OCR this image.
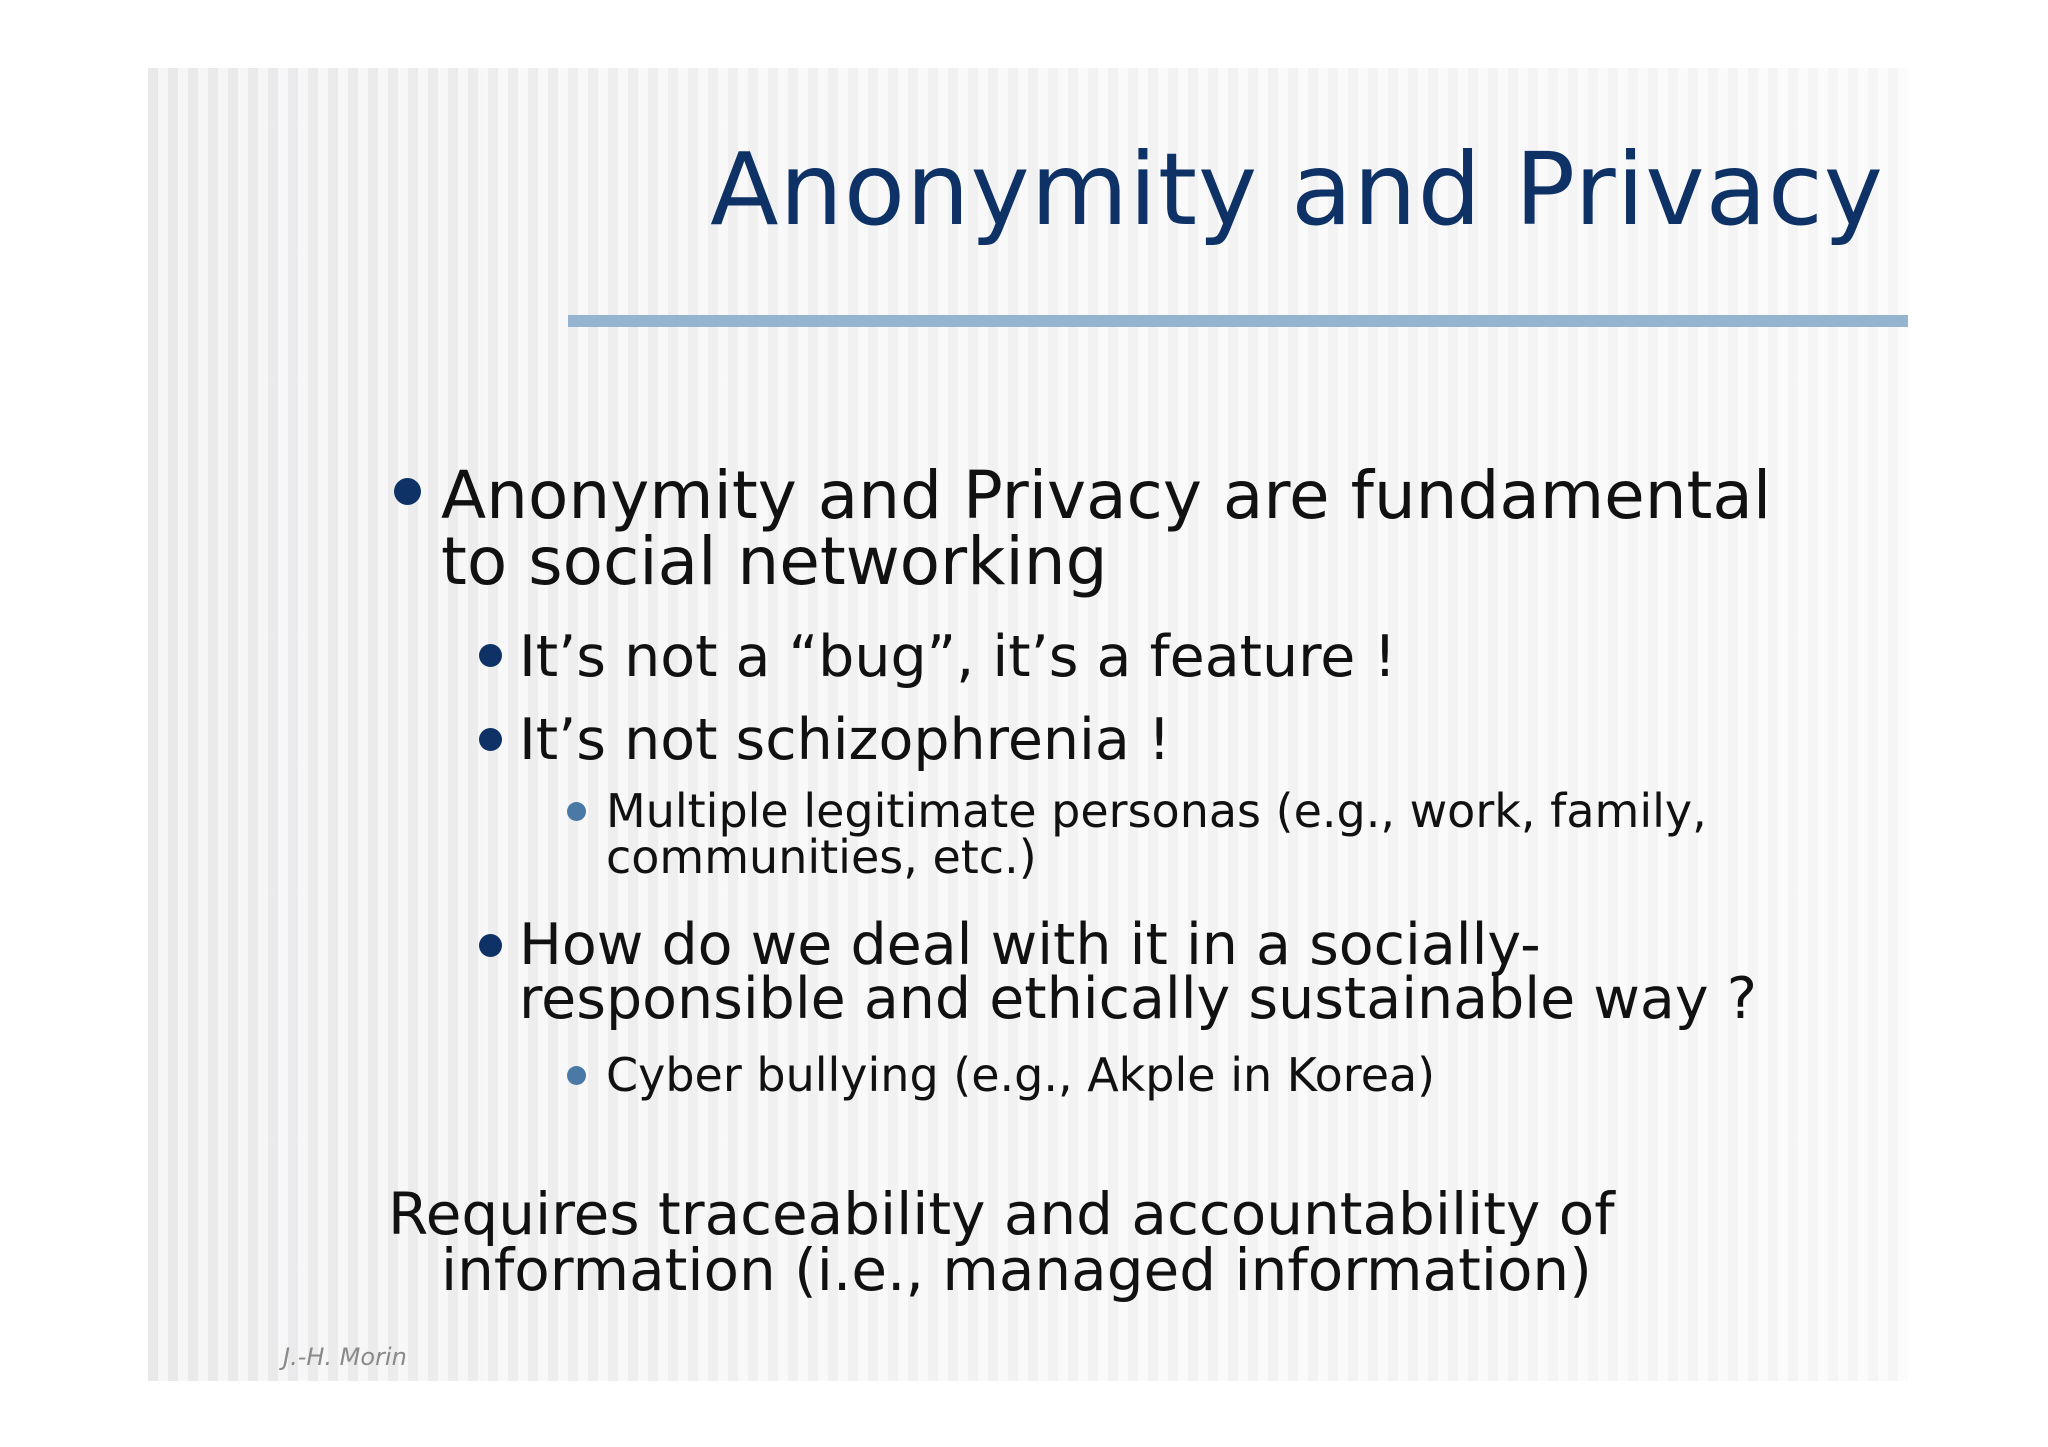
Anonymity and Privacy

Anonymity and Privacy are fundamental
to social networking

It’s not a “bug”, it’s a feature !

It’s not schizophrenia !

Multiple legitimate personas (e.g., work, family,
communities, etc.)

How do we deal with it in a socially-
responsible and ethically sustainable way ?

Cyber bullying (e.g., Akple in Korea)

Requires traceability and accountability of
information (i.e., managed information)

J.-H. Morin
